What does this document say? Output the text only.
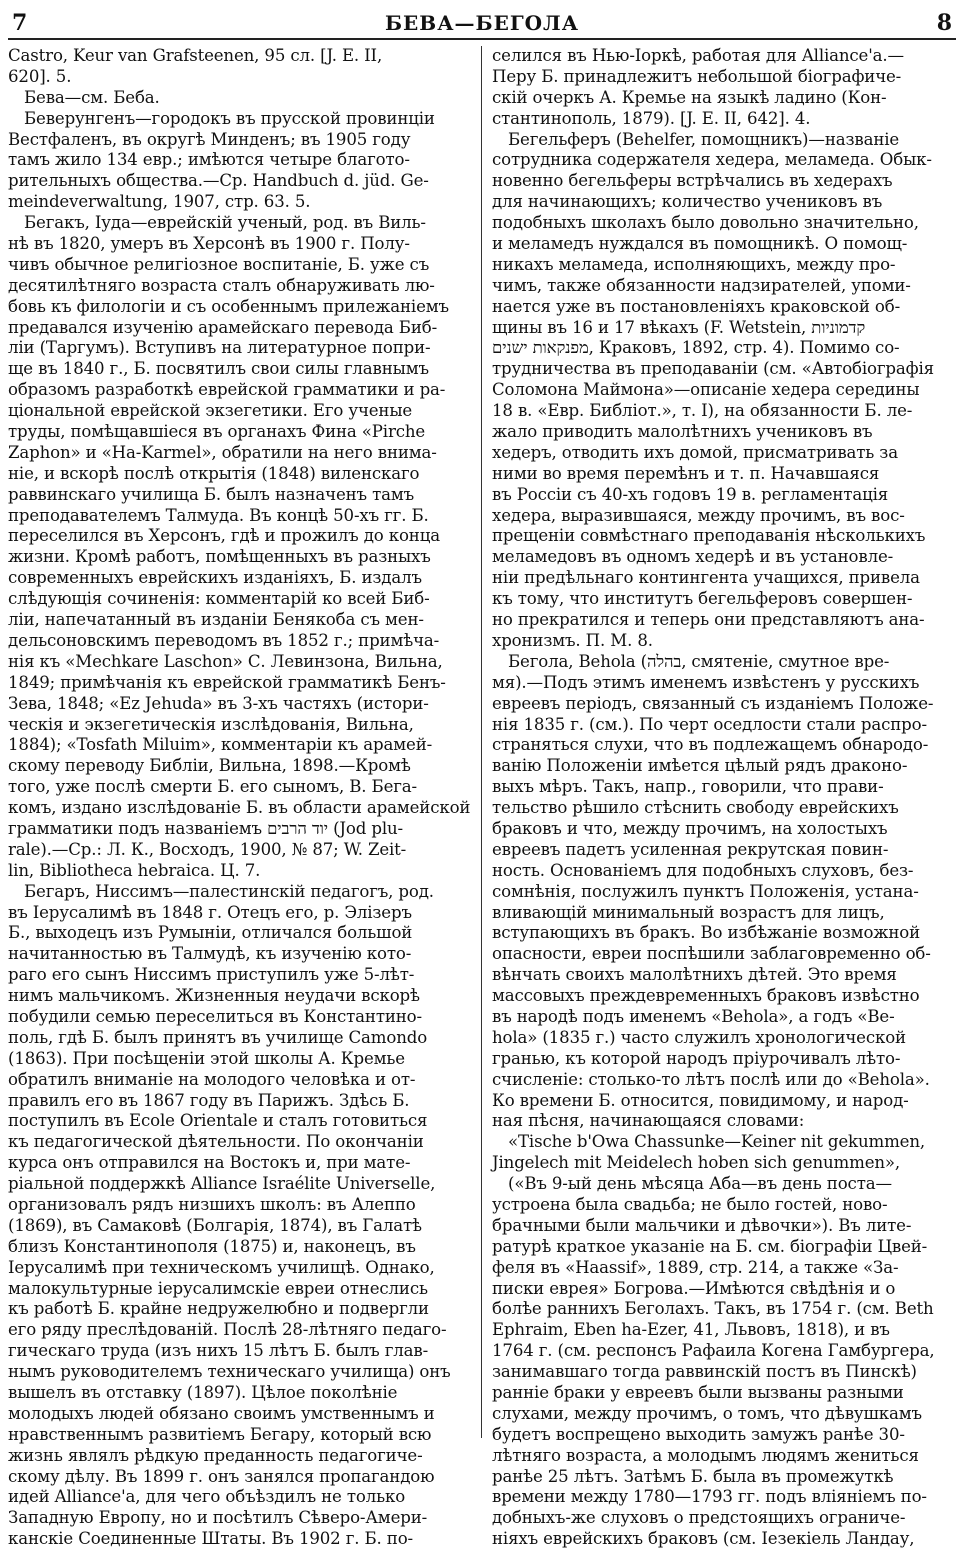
7	БЕВА—БЕГОЛА	8
Castro, Keur van Grafsteenen, 95 сл. [J. E. II,
620]. 5.
Бева—см. Беба.
Беверунгенъ—городокъ въ прусской провинціи
Вестфаленъ, въ округѣ Минденъ; въ 1905 году
тамъ жило 134 евр.; имѣются четыре благото-
рительныхъ общества.—Ср. Handbuch d. jüd. Ge-
meindeverwaltung, 1907, стр. 63. 5.
Бегакъ, Іуда—еврейскій ученый, род. въ Виль-
нѣ въ 1820, умеръ въ Херсонѣ въ 1900 г. Полу-
чивъ обычное религіозное воспитаніе, Б. уже съ
десятилѣтняго возраста сталъ обнаруживать лю-
бовь къ филологіи и съ особеннымъ прилежаніемъ
предавался изученію арамейскаго перевода Биб-
ліи (Таргумъ). Вступивъ на литературное попри-
ще въ 1840 г., Б. посвятилъ свои силы главнымъ
образомъ разработкѣ еврейской грамматики и ра-
ціональной еврейской экзегетики. Его ученые
труды, помѣщавшіеся въ органахъ Фина «Pirche
Zaphon» и «Ha-Karmel», обратили на него внима-
ніе, и вскорѣ послѣ открытія (1848) виленскаго
раввинскаго училища Б. былъ назначенъ тамъ
преподавателемъ Талмуда. Въ концѣ 50-хъ гг. Б.
переселился въ Херсонъ, гдѣ и прожилъ до конца
жизни. Кромѣ работъ, помѣщенныхъ въ разныхъ
современныхъ еврейскихъ изданіяхъ, Б. издалъ
слѣдующія сочиненія: комментарій ко всей Биб-
ліи, напечатанный въ изданіи Бенякоба съ мен-
дельсоновскимъ переводомъ въ 1852 г.; примѣча-
нія къ «Mechkare Laschon» С. Левинзона, Вильна,
1849; примѣчанія къ еврейской грамматикѣ Бенъ-
Зева, 1848; «Ez Jehuda» въ 3-хъ частяхъ (истори-
ческія и экзегетическія изслѣдованія, Вильна,
1884); «Tosfath Miluim», комментаріи къ арамей-
скому переводу Библіи, Вильна, 1898.—Кромѣ
того, уже послѣ смерти Б. его сыномъ, В. Бега-
комъ, издано изслѣдованіе Б. въ области арамейской
грамматики подъ названіемъ יוד הרבים (Jod plu-
rale).—Ср.: Л. К., Восходъ, 1900, № 87; W. Zeit-
lin, Bibliotheca hebraica. Ц. 7.
Бегаръ, Ниссимъ—палестинскій педагогъ, род.
въ Іерусалимѣ въ 1848 г. Отецъ его, р. Элізеръ
Б., выходецъ изъ Румыніи, отличался большой
начитанностью въ Талмудѣ, къ изученію кото-
раго его сынъ Ниссимъ приступилъ уже 5-лѣт-
нимъ мальчикомъ. Жизненныя неудачи вскорѣ
побудили семью переселиться въ Константино-
поль, гдѣ Б. былъ принятъ въ училище Camondo
(1863). При посѣщеніи этой школы А. Кремье
обратилъ вниманіе на молодого человѣка и от-
правилъ его въ 1867 году въ Парижъ. Здѣсь Б.
поступилъ въ Ecole Orientale и сталъ готовиться
къ педагогической дѣятельности. По окончаніи
курса онъ отправился на Востокъ и, при мате-
ріальной поддержкѣ Alliance Israélite Universelle,
организовалъ рядъ низшихъ школъ: въ Алеппо
(1869), въ Самаковѣ (Болгарія, 1874), въ Галатѣ
близъ Константинополя (1875) и, наконецъ, въ
Іерусалимѣ при техническомъ училищѣ. Однако,
малокультурные іерусалимскіе евреи отнеслись
къ работѣ Б. крайне недружелюбно и подвергли
его ряду преслѣдованій. Послѣ 28-лѣтняго педаго-
гическаго труда (изъ нихъ 15 лѣтъ Б. былъ глав-
нымъ руководителемъ техническаго училища) онъ
вышелъ въ отставку (1897). Цѣлое поколѣніе
молодыхъ людей обязано своимъ умственнымъ и
нравственнымъ развитіемъ Бегару, который всю
жизнь являлъ рѣдкую преданность педагогиче-
скому дѣлу. Въ 1899 г. онъ занялся пропагандою
идей Alliance'a, для чего объѣздилъ не только
Западную Европу, но и посѣтилъ Сѣверо-Амери-
канскіе Соединенные Штаты. Въ 1902 г. Б. по-
селился въ Нью-Іоркѣ, работая для Alliance'a.—
Перу Б. принадлежитъ небольшой біографиче-
скій очеркъ А. Кремье на языкѣ ладино (Кон-
стантинополь, 1879). [J. E. II, 642]. 4.
Бегельферъ (Behelfer, помощникъ)—названіе
сотрудника содержателя хедера, меламеда. Обык-
новенно бегельферы встрѣчались въ хедерахъ
для начинающихъ; количество учениковъ въ
подобныхъ школахъ было довольно значительно,
и меламедъ нуждался въ помощникѣ. О помощ-
никахъ меламеда, исполняющихъ, между про-
чимъ, также обязанности надзирателей, упоми-
нается уже въ постановленіяхъ краковской об-
щины въ 16 и 17 вѣкахъ (F. Wetstein, קדמוניות
מפנקאות ישנים, Краковъ, 1892, стр. 4). Помимо со-
трудничества въ преподаваніи (см. «Автобіографія
Соломона Маймона»—описаніе хедера середины
18 в. «Евр. Библіот.», т. I), на обязанности Б. ле-
жало приводить малолѣтнихъ учениковъ въ
хедеръ, отводить ихъ домой, присматривать за
ними во время перемѣнъ и т. п. Начавшаяся
въ Россіи съ 40-хъ годовъ 19 в. регламентація
хедера, выразившаяся, между прочимъ, въ вос-
прещеніи совмѣстнаго преподаванія нѣсколькихъ
меламедовъ въ одномъ хедерѣ и въ установле-
ніи предѣльнаго контингента учащихся, привела
къ тому, что институтъ бегельферовъ совершен-
но прекратился и теперь они представляютъ ана-
хронизмъ. П. М. 8.
Бегола, Behola (בהלה, смятеніе, смутное вре-
мя).—Подъ этимъ именемъ извѣстенъ у русскихъ
евреевъ періодъ, связанный съ изданіемъ Положе-
нія 1835 г. (см.). По черт оседлости стали распро-
страняться слухи, что въ подлежащемъ обнародо-
ванію Положеніи имѣется цѣлый рядъ драконо-
выхъ мѣръ. Такъ, напр., говорили, что прави-
тельство рѣшило стѣснить свободу еврейскихъ
браковъ и что, между прочимъ, на холостыхъ
евреевъ падетъ усиленная рекрутская повин-
ность. Основаніемъ для подобныхъ слуховъ, без-
сомнѣнія, послужилъ пунктъ Положенія, устана-
вливающій минимальный возрастъ для лицъ,
вступающихъ въ бракъ. Во избѣжаніе возможной
опасности, евреи поспѣшили заблаговременно об-
вѣнчать своихъ малолѣтнихъ дѣтей. Это время
массовыхъ преждевременныхъ браковъ извѣстно
въ народѣ подъ именемъ «Behola», а годъ «Be-
hola» (1835 г.) часто служилъ хронологической
гранью, къ которой народъ пріурочивалъ лѣто-
счисленіе: столько-то лѣтъ послѣ или до «Behola».
Ко времени Б. относится, повидимому, и народ-
ная пѣсня, начинающаяся словами:
«Tische b'Owa Chassunke—Keiner nit gekummen,
Jingelech mit Meidelech hoben sich genummen»,
(«Въ 9-ый день мѣсяца Аба—въ день поста—
устроена была свадьба; не было гостей, ново-
брачными были мальчики и дѣвочки»). Въ лите-
ратурѣ краткое указаніе на Б. см. біографіи Цвей-
феля въ «Haassif», 1889, стр. 214, а также «За-
писки еврея» Богрова.—Имѣются свѣдѣнія и о
болѣе раннихъ Беголахъ. Такъ, въ 1754 г. (см. Beth
Ephraim, Eben ha-Ezer, 41, Львовъ, 1818), и въ
1764 г. (см. респонсъ Рафаила Когена Гамбургера,
занимавшаго тогда раввинскій постъ въ Пинскѣ)
ранніе браки у евреевъ были вызваны разными
слухами, между прочимъ, о томъ, что дѣвушкамъ
будетъ воспрещено выходить замужъ ранѣе 30-
лѣтняго возраста, а молодымъ людямъ жениться
ранѣе 25 лѣтъ. Затѣмъ Б. была въ промежуткѣ
времени между 1780—1793 гг. подъ вліяніемъ по-
добныхъ-же слуховъ о предстоящихъ ограниче-
ніяхъ еврейскихъ браковъ (см. Іезекіель Ландау,
